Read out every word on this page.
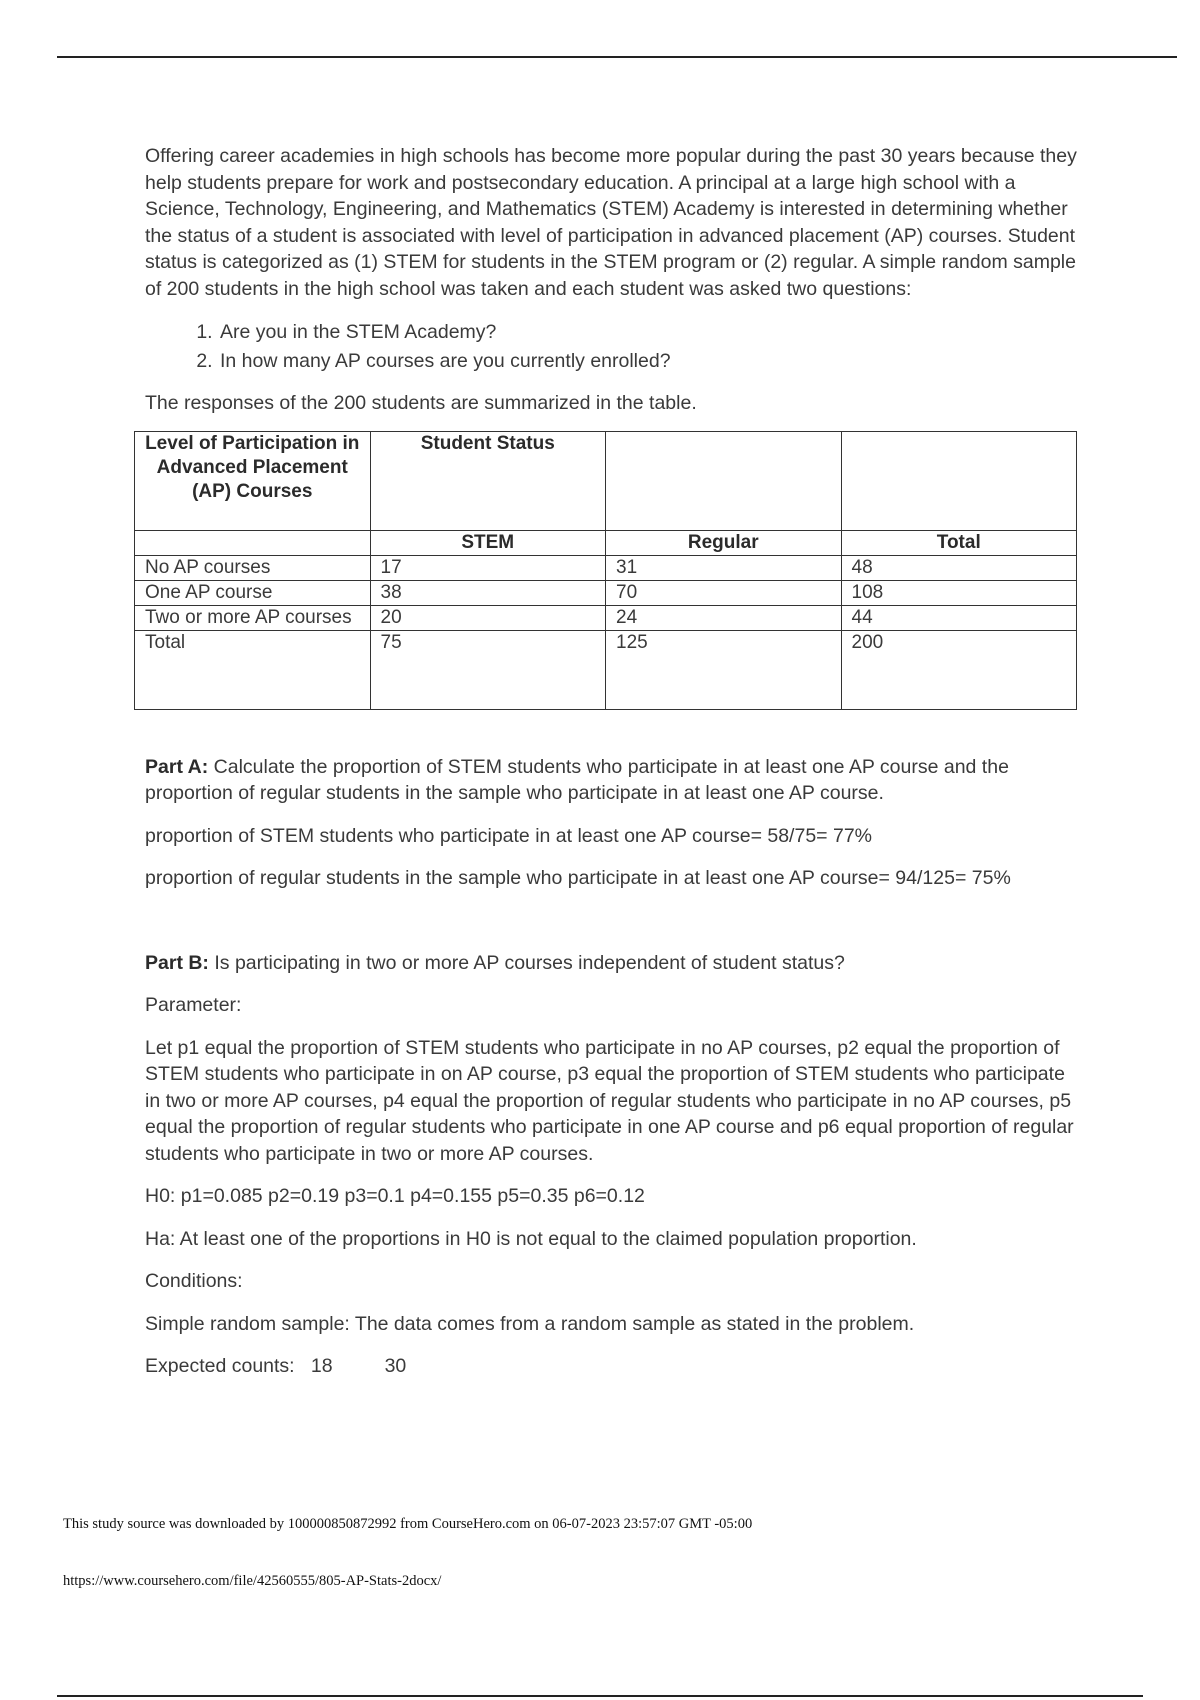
Offering career academies in high schools has become more popular during the past 30 years because they help students prepare for work and postsecondary education. A principal at a large high school with a Science, Technology, Engineering, and Mathematics (STEM) Academy is interested in determining whether the status of a student is associated with level of participation in advanced placement (AP) courses. Student status is categorized as (1) STEM for students in the STEM program or (2) regular. A simple random sample of 200 students in the high school was taken and each student was asked two questions:

1. Are you in the STEM Academy?
2. In how many AP courses are you currently enrolled?

The responses of the 200 students are summarized in the table.

Level of Participation in Advanced Placement (AP) Courses	Student Status		
	STEM	Regular	Total
No AP courses	17	31	48
One AP course	38	70	108
Two or more AP courses	20	24	44
Total	75	125	200

Part A: Calculate the proportion of STEM students who participate in at least one AP course and the proportion of regular students in the sample who participate in at least one AP course.

proportion of STEM students who participate in at least one AP course= 58/75= 77%

proportion of regular students in the sample who participate in at least one AP course= 94/125= 75%

Part B: Is participating in two or more AP courses independent of student status?

Parameter:

Let p1 equal the proportion of STEM students who participate in no AP courses, p2 equal the proportion of STEM students who participate in on AP course, p3 equal the proportion of STEM students who participate in two or more AP courses, p4 equal the proportion of regular students who participate in no AP courses, p5 equal the proportion of regular students who participate in one AP course and p6 equal proportion of regular students who participate in two or more AP courses.

H0: p1=0.085 p2=0.19 p3=0.1 p4=0.155 p5=0.35 p6=0.12

Ha: At least one of the proportions in H0 is not equal to the claimed population proportion.

Conditions:

Simple random sample: The data comes from a random sample as stated in the problem.

Expected counts: 18	30

This study source was downloaded by 100000850872992 from CourseHero.com on 06-07-2023 23:57:07 GMT -05:00
https://www.coursehero.com/file/42560555/805-AP-Stats-2docx/
